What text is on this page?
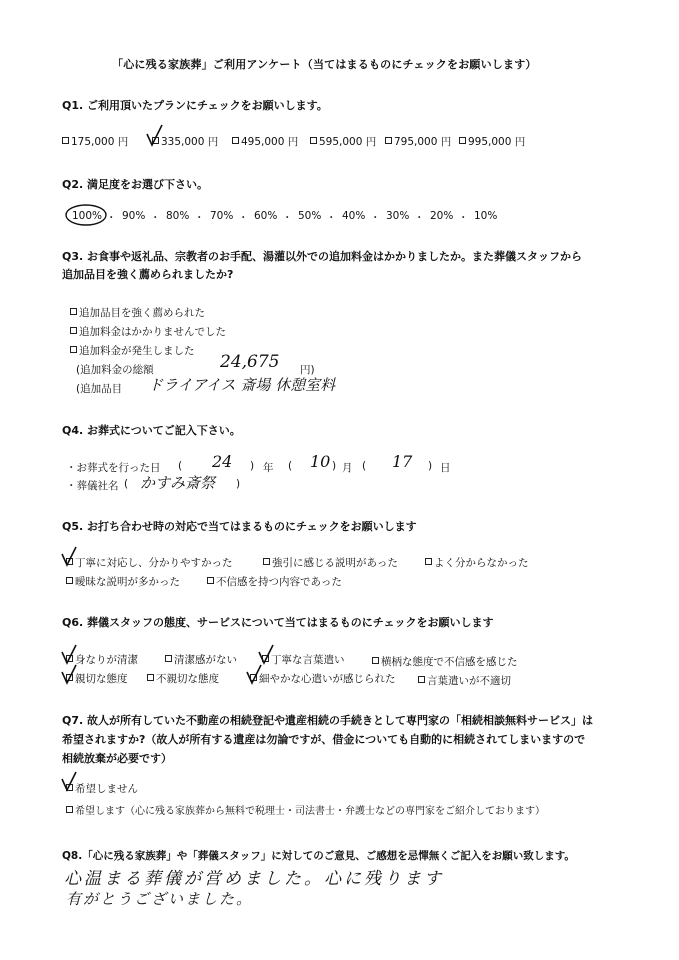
「心に残る家族葬」ご利用アンケート（当てはまるものにチェックをお願いします）
Q1. ご利用頂いたプランにチェックをお願いします。
175,000 円	335,000 円	495,000 円	595,000 円	795,000 円	995,000 円
Q2. 満足度をお選び下さい。
100% ・ 90% ・ 80% ・ 70% ・ 60% ・ 50% ・ 40% ・ 30% ・ 20% ・ 10%
Q3. お食事や返礼品、宗教者のお手配、湯灌以外での追加料金はかかりましたか。また葬儀スタッフから
追加品目を強く薦められましたか?
追加品目を強く薦められた
追加料金はかかりませんでした
追加料金が発生しました
(追加料金の総額	24,675 円)
(追加品目 ドライアイス 斎場 休憩室料
Q4. お葬式についてご記入下さい。
・お葬式を行った日 ( 24 ) 年 ( 10 ) 月 ( 17 ) 日
・葬儀社名 ( かすみ斎祭 )
Q5. お打ち合わせ時の対応で当てはまるものにチェックをお願いします
丁寧に対応し、分かりやすかった	強引に感じる説明があった	よく分からなかった
曖昧な説明が多かった	不信感を持つ内容であった
Q6. 葬儀スタッフの態度、サービスについて当てはまるものにチェックをお願いします
身なりが清潔	清潔感がない	丁寧な言葉遣い	横柄な態度で不信感を感じた
親切な態度	不親切な態度	細やかな心遣いが感じられた	言葉遣いが不適切
Q7. 故人が所有していた不動産の相続登記や遺産相続の手続きとして専門家の「相続相談無料サービス」は
希望されますか?（故人が所有する遺産は勿論ですが、借金についても自動的に相続されてしまいますので
相続放棄が必要です）
希望しません
希望します（心に残る家族葬から無料で税理士・司法書士・弁護士などの専門家をご紹介しております）
Q8.「心に残る家族葬」や「葬儀スタッフ」に対してのご意見、ご感想を忌憚無くご記入をお願い致します。
心温まる葬儀が営めました。心に残ります
有がとうございました。
